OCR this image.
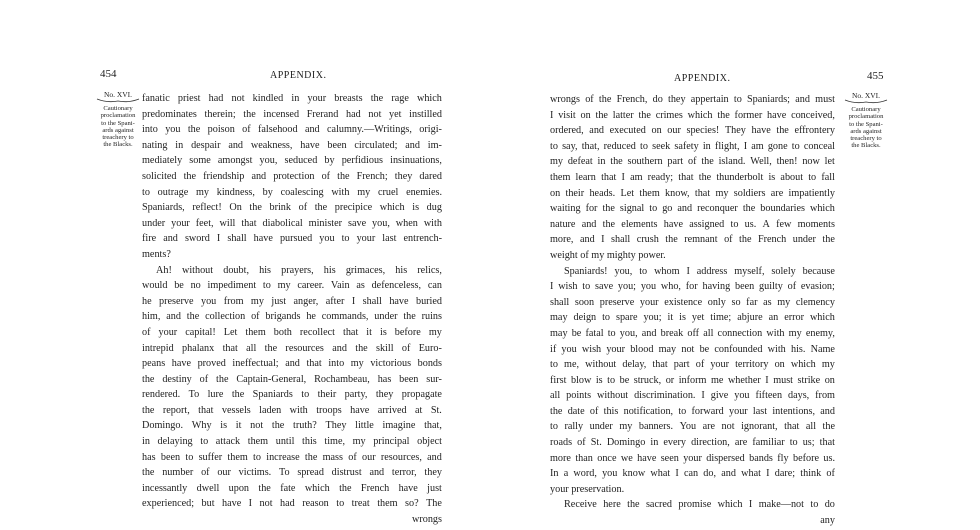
454	APPENDIX.
No. XVI.
Cautionary
proclamation
to the Spani-
ards against
treachery to
the Blacks.
fanatic priest had not kindled in your breasts the rage which
predominates therein; the incensed Frerand had not yet instilled
into you the poison of falsehood and calumny.—Writings, origi-
nating in despair and weakness, have been circulated; and im-
mediately some amongst you, seduced by perfidious insinuations,
solicited the friendship and protection of the French; they dared
to outrage my kindness, by coalescing with my cruel enemies.
Spaniards, reflect! On the brink of the precipice which is dug
under your feet, will that diabolical minister save you, when with
fire and sword I shall have pursued you to your last entrench-
ments?
Ah! without doubt, his prayers, his grimaces, his relics,
would be no impediment to my career. Vain as defenceless, can
he preserve you from my just anger, after I shall have buried
him, and the collection of brigands he commands, under the ruins
of your capital! Let them both recollect that it is before my
intrepid phalanx that all the resources and the skill of Euro-
peans have proved ineffectual; and that into my victorious bonds
the destiny of the Captain-General, Rochambeau, has been sur-
rendered. To lure the Spaniards to their party, they propagate
the report, that vessels laden with troops have arrived at St.
Domingo. Why is it not the truth? They little imagine that,
in delaying to attack them until this time, my principal object
has been to suffer them to increase the mass of our resources, and
the number of our victims. To spread distrust and terror, they
incessantly dwell upon the fate which the French have just
experienced; but have I not had reason to treat them so? The
wrongs
APPENDIX.	455
No. XVI.
Cautionary
proclamation
to the Spani-
ards against
treachery to
the Blacks.
wrongs of the French, do they appertain to Spaniards; and must
I visit on the latter the crimes which the former have conceived,
ordered, and executed on our species! They have the effrontery
to say, that, reduced to seek safety in flight, I am gone to conceal
my defeat in the southern part of the island. Well, then! now let
them learn that I am ready; that the thunderbolt is about to fall
on their heads. Let them know, that my soldiers are impatiently
waiting for the signal to go and reconquer the boundaries which
nature and the elements have assigned to us. A few moments
more, and I shall crush the remnant of the French under the
weight of my mighty power.
Spaniards! you, to whom I address myself, solely because
I wish to save you; you who, for having been guilty of evasion;
shall soon preserve your existence only so far as my clemency
may deign to spare you; it is yet time; abjure an error which
may be fatal to you, and break off all connection with my enemy,
if you wish your blood may not be confounded with his. Name
to me, without delay, that part of your territory on which my
first blow is to be struck, or inform me whether I must strike on
all points without discrimination. I give you fifteen days, from
the date of this notification, to forward your last intentions, and
to rally under my banners. You are not ignorant, that all the
roads of St. Domingo in every direction, are familiar to us; that
more than once we have seen your dispersed bands fly before us.
In a word, you know what I can do, and what I dare; think of
your preservation.
Receive here the sacred promise which I make—not to do
any
